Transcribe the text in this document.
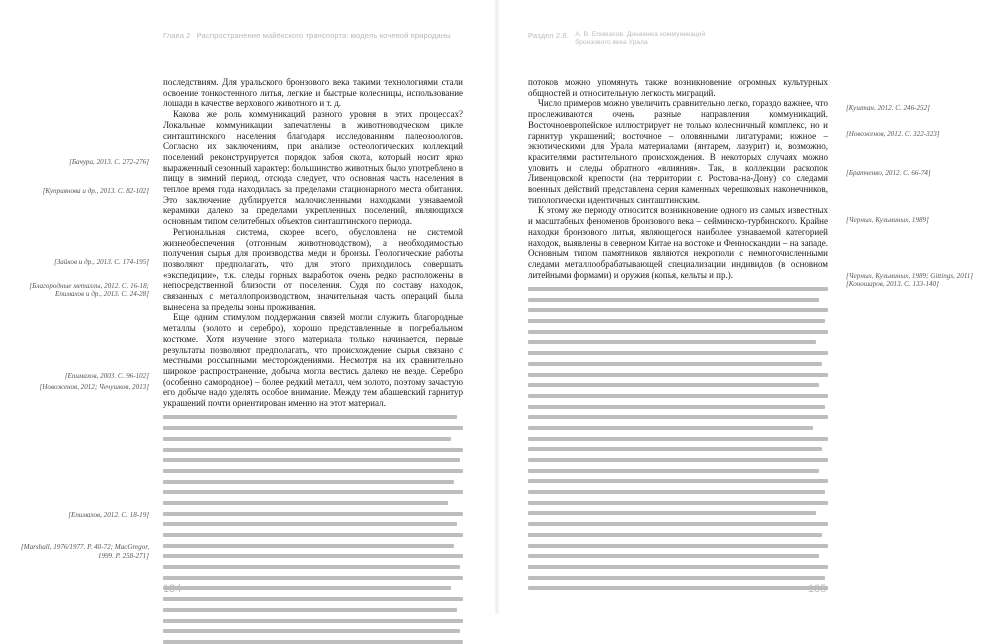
Глава 2 Распространение майёкского транспорта: модель кочевой природаны

последствиям. Для уральского бронзового века такими технологиями стали освоение тонкостенного литья, легкие и быстрые колесницы, использование лошади в качестве верхового животного и т. д.

Какова же роль коммуникаций разного уровня в этих процессах? Локальные коммуникации запечатлены в животноводческом цикле синташтинского населения благодаря исследованиям палеозоологов. Согласно их заключениям, при анализе остеологических коллекций поселений реконструируется порядок забоя скота, который носит ярко выраженный сезонный характер: большинство животных было употреблено в пищу в зимний период, отсюда следует, что основная часть населения в теплое время года находилась за пределами стационарного места обитания. Это заключение дублируется малочисленными находками узнаваемой керамики далеко за пределами укрепленных поселений, являющихся основным типом селитебных объектов синташтинского периода.

Региональная система, скорее всего, обусловлена не системой жизнеобеспечения (отгонным животноводством), а необходимостью получения сырья для производства меди и бронзы. Геологические работы позволяют предполагать, что для этого приходилось совершать «экспедиции», т.к. следы горных выработок очень редко расположены в непосредственной близости от поселения. Судя по составу находок, связанных с металлопроизводством, значительная часть операций была вынесена за пределы зоны проживания.

Еще одним стимулом поддержания связей могли служить благородные металлы (золото и серебро), хорошо представленные в погребальном костюме. Хотя изучение этого материала только начинается, первые результаты позволяют предполагать, что происхождение сырья связано с местными россыпными месторождениями. Несмотря на их сравнительно широкое распространение, добыча могла вестись далеко не везде. Серебро (особенно самородное) – более редкий металл, чем золото, поэтому зачастую его добыче надо уделять особое внимание. Между тем абашевский гарнитур украшений почти ориентирован именно на этот материал.

[Бачура, 2013. С. 272-276]
[Куприянова и др., 2013. С. 82-102]
[Зайков и др., 2013. С. 174-195]
[Благородные металлы, 2012. С. 16-18;
Епимахов и др., 2013. С. 24-28]
[Епимахов, 2003. С. 96-102]
[Новоженов, 2012; Чечушков, 2013]
[Епимахов, 2012. С. 18-19]
[Marshall, 1976/1977. P. 40-72; MacGregor,
1999. P. 258-271]
134
Раздел 2.8. А. В. Епимахов. Динамика коммуникаций
бронзового века Урала

потоков можно упомянуть также возникновение огромных культурных общностей и относительную легкость миграций.

Число примеров можно увеличить сравнительно легко, гораздо важнее, что прослеживаются очень разные направления коммуникаций. Восточноевропейское иллюстрирует не только колесничный комплекс, но и гарнитур украшений; восточное – оловянными лигатурами; южное – экзотическими для Урала материалами (янтарем, лазурит) и, возможно, красителями растительного происхождения. В некоторых случаях можно уловить и следы обратного «влияния». Так, в коллекции раскопок Ливенцовской крепости (на территории г. Ростова-на-Дону) со следами военных действий представлена серия каменных черешковых наконечников, типологически идентичных синташтинским.

К этому же периоду относится возникновение одного из самых известных и масштабных феноменов бронзового века – сейминско-турбинского. Крайне находки бронзового литья, являющегося наиболее узнаваемой категорией находок, выявлены в северном Китае на востоке и Фенноскандии – на западе. Основным типом памятников являются некрополи с немногочисленными следами металлообрабатывающей специализации индивидов (в основном литейными формами) и оружия (копья, кельты и пр.).

[Куштан, 2012. С. 246-252]
[Новоженов, 2012. С. 322-323]
[Братченко, 2012. С. 66-74]
[Черных, Кузьминых, 1989]
[Черных, Кузьминых, 1989; Gittings, 2011]
[Коношаров, 2013. С. 133-140]
135
